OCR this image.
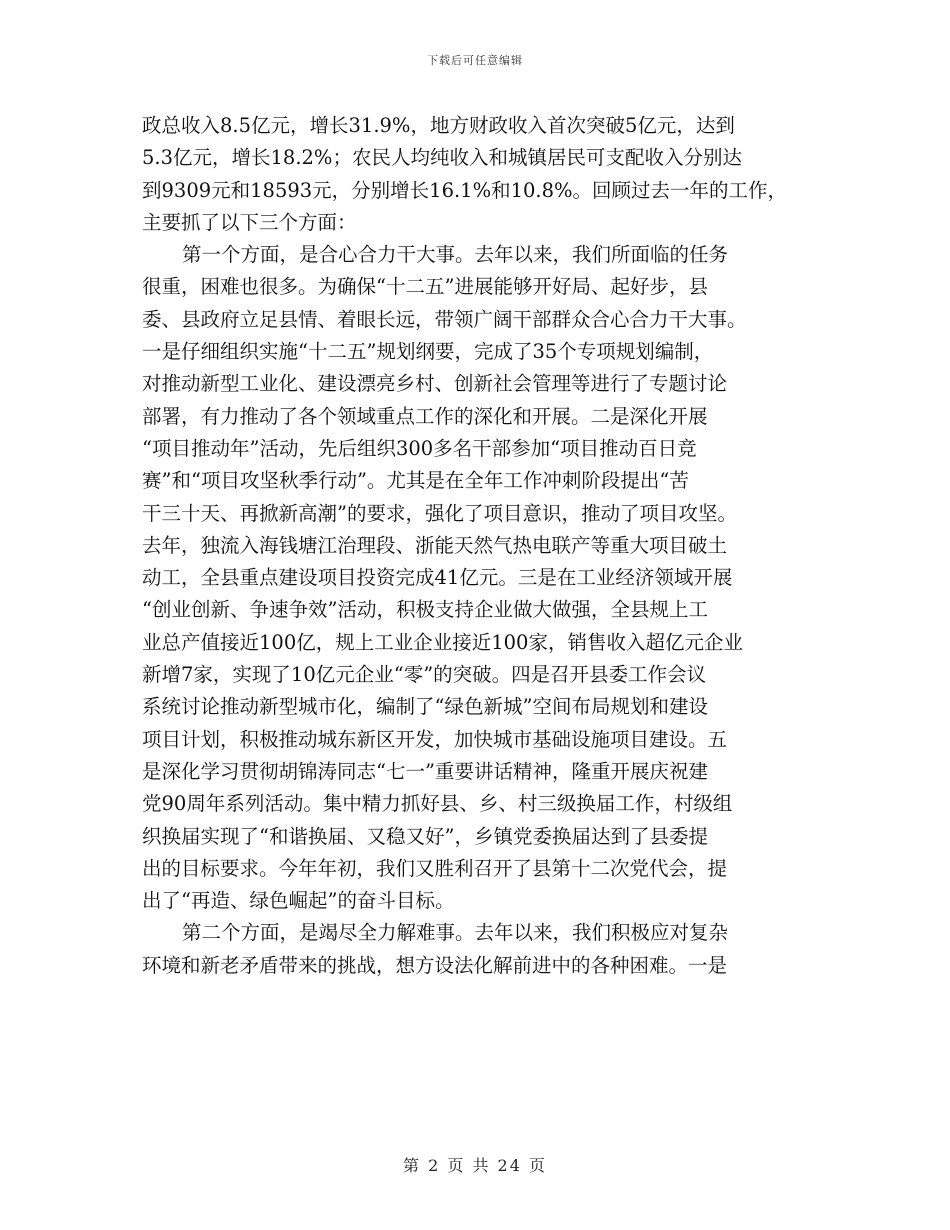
下载后可任意编辑
政总收入8.5亿元，增长31.9%，地方财政收入首次突破5亿元，达到
5.3亿元，增长18.2%；农民人均纯收入和城镇居民可支配收入分别达
到9309元和18593元，分别增长16.1%和10.8%。回顾过去一年的工作，
主要抓了以下三个方面：
第一个方面，是合心合力干大事。去年以来，我们所面临的任务
很重，困难也很多。为确保“十二五”进展能够开好局、起好步，县
委、县政府立足县情、着眼长远，带领广阔干部群众合心合力干大事。
一是仔细组织实施“十二五”规划纲要，完成了35个专项规划编制，
对推动新型工业化、建设漂亮乡村、创新社会管理等进行了专题讨论
部署，有力推动了各个领域重点工作的深化和开展。二是深化开展
“项目推动年”活动，先后组织300多名干部参加“项目推动百日竞
赛”和“项目攻坚秋季行动”。尤其是在全年工作冲刺阶段提出“苦
干三十天、再掀新高潮”的要求，强化了项目意识，推动了项目攻坚。
去年，独流入海钱塘江治理段、浙能天然气热电联产等重大项目破土
动工，全县重点建设项目投资完成41亿元。三是在工业经济领域开展
“创业创新、争速争效”活动，积极支持企业做大做强，全县规上工
业总产值接近100亿，规上工业企业接近100家，销售收入超亿元企业
新增7家，实现了10亿元企业“零”的突破。四是召开县委工作会议
系统讨论推动新型城市化，编制了“绿色新城”空间布局规划和建设
项目计划，积极推动城东新区开发，加快城市基础设施项目建设。五
是深化学习贯彻胡锦涛同志“七一”重要讲话精神，隆重开展庆祝建
党90周年系列活动。集中精力抓好县、乡、村三级换届工作，村级组
织换届实现了“和谐换届、又稳又好”，乡镇党委换届达到了县委提
出的目标要求。今年年初，我们又胜利召开了县第十二次党代会，提
出了“再造、绿色崛起”的奋斗目标。
第二个方面，是竭尽全力解难事。去年以来，我们积极应对复杂
环境和新老矛盾带来的挑战，想方设法化解前进中的各种困难。一是
第 2 页 共 24 页
